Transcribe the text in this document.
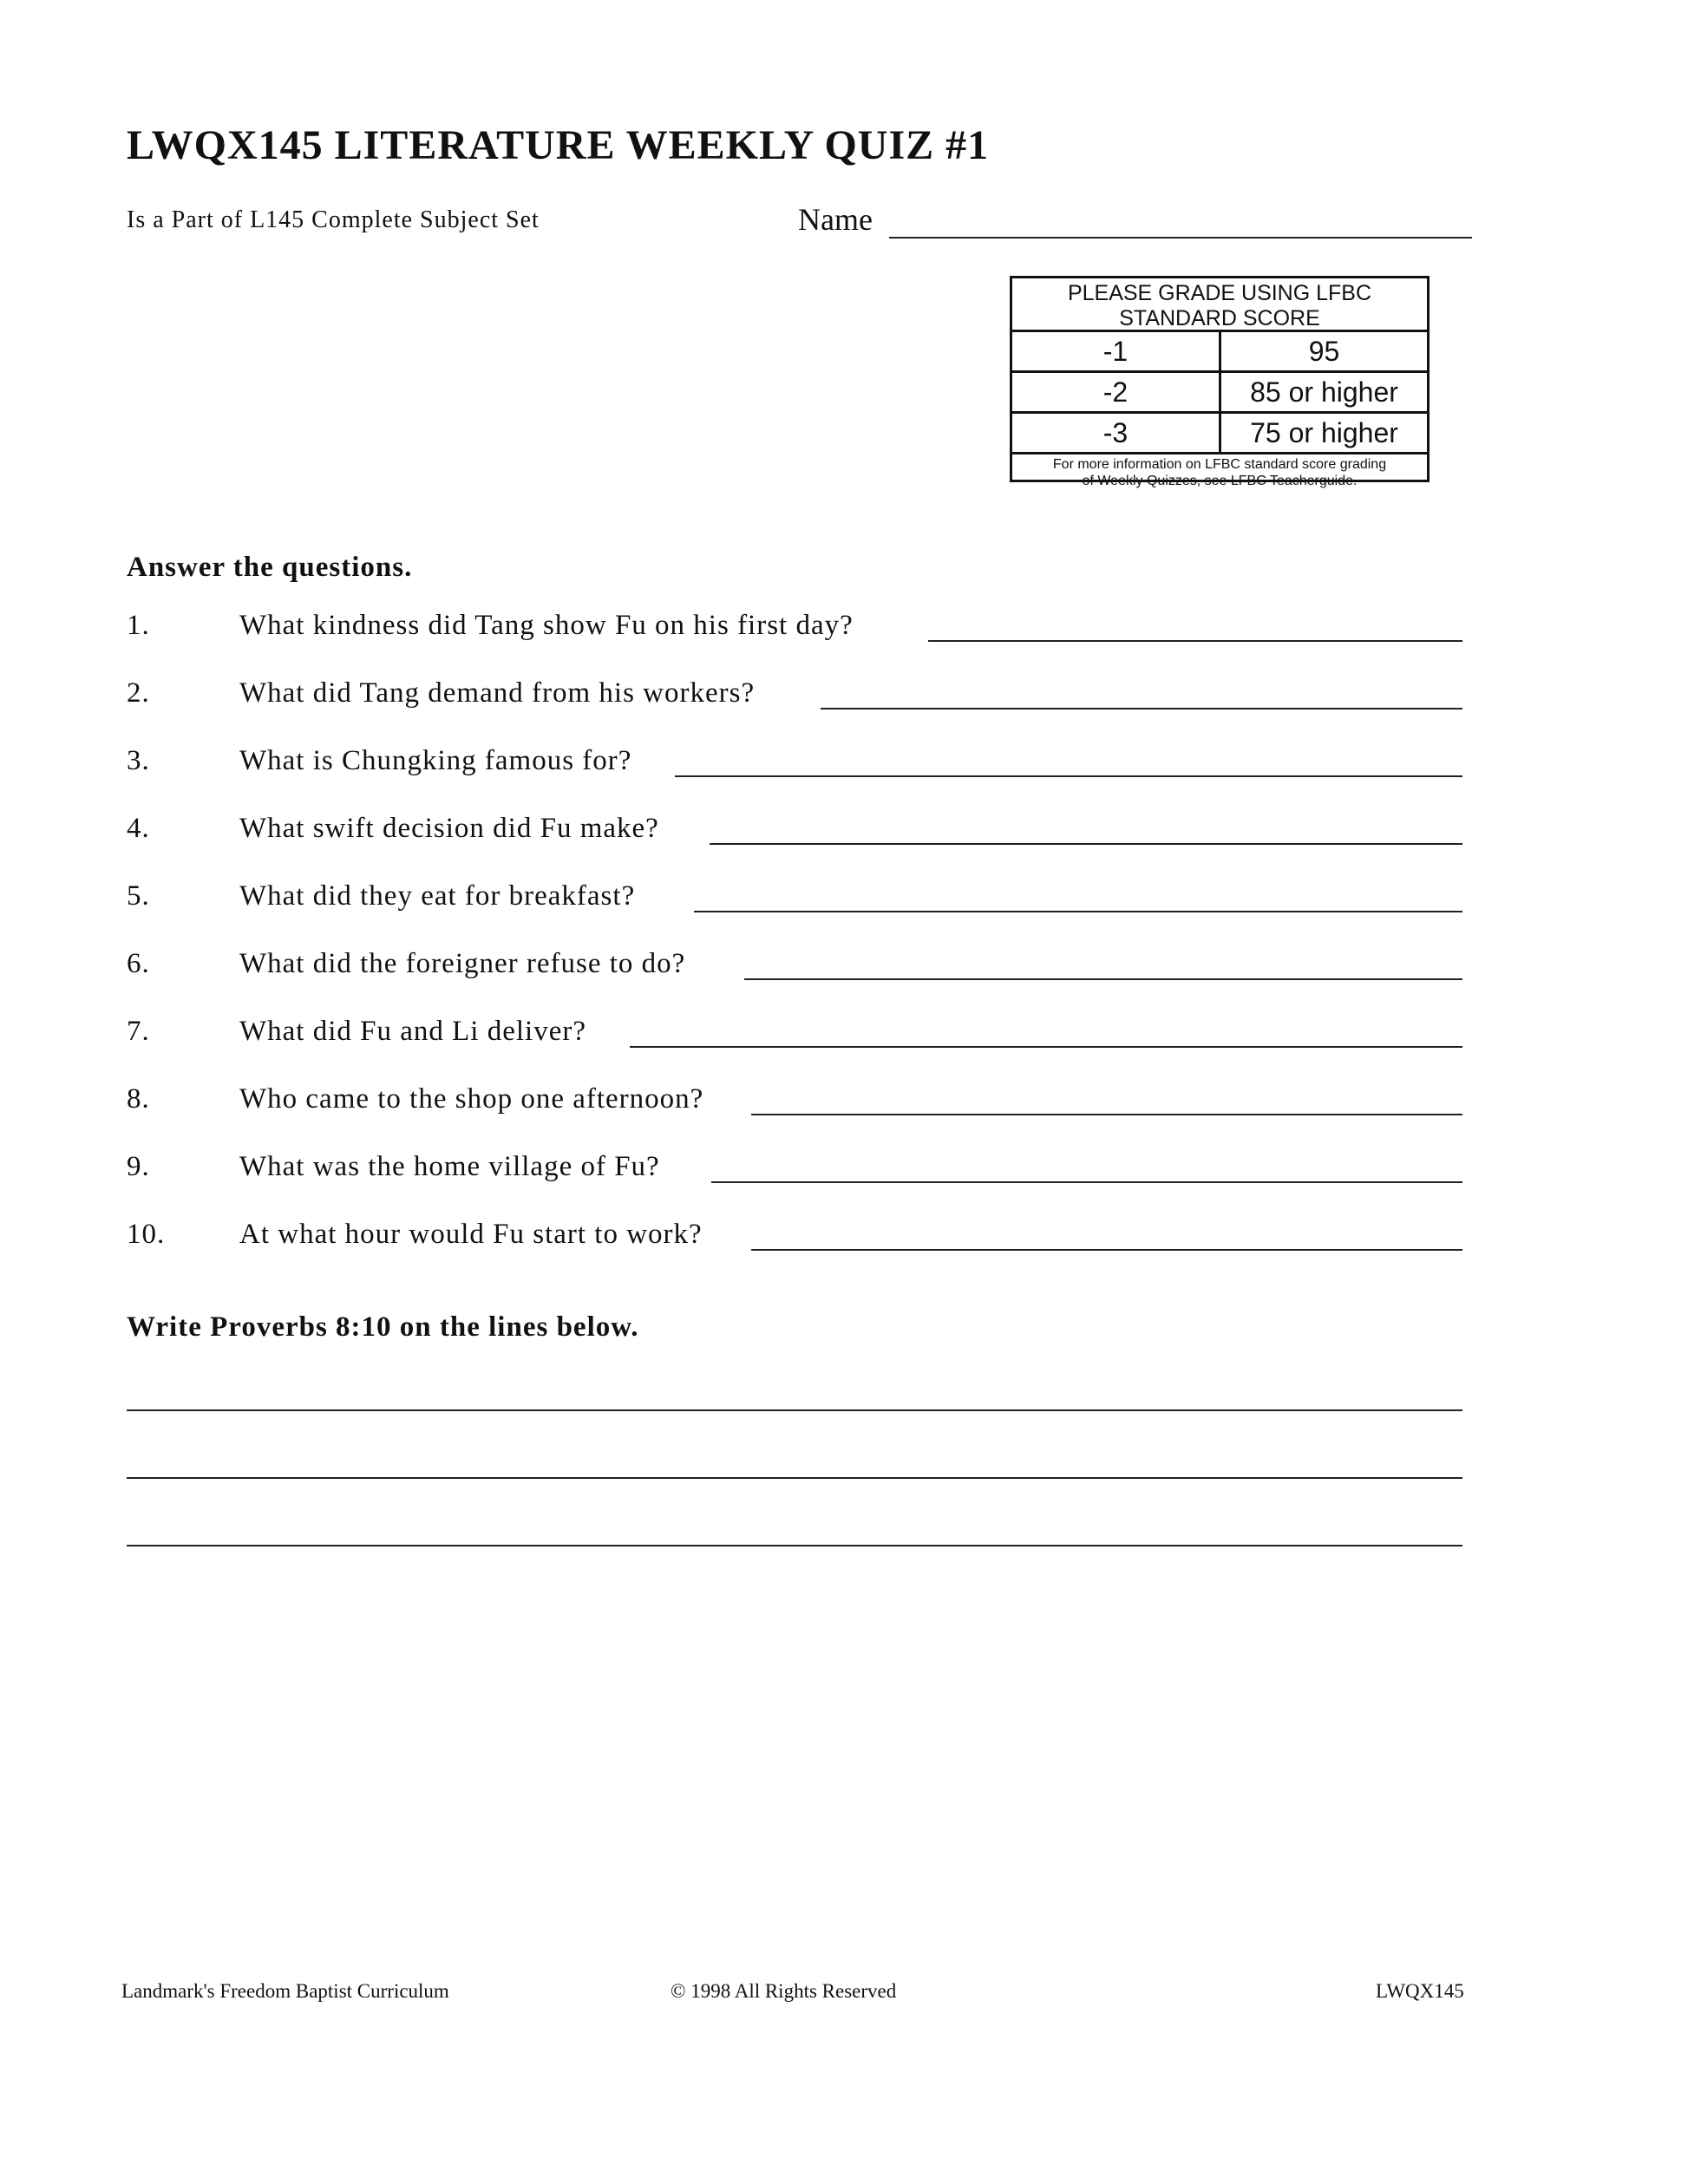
LWQX145 LITERATURE WEEKLY QUIZ #1
Is a Part of L145 Complete Subject Set	Name
PLEASE GRADE USING LFBC
STANDARD SCORE
-1	95
-2	85 or higher
-3	75 or higher
For more information on LFBC standard score grading
of Weekly Quizzes, see LFBC Teacherguide.
Answer the questions.
1.	What kindness did Tang show Fu on his first day?
2.	What did Tang demand from his workers?
3.	What is Chungking famous for?
4.	What swift decision did Fu make?
5.	What did they eat for breakfast?
6.	What did the foreigner refuse to do?
7.	What did Fu and Li deliver?
8.	Who came to the shop one afternoon?
9.	What was the home village of Fu?
10.	At what hour would Fu start to work?
Write Proverbs 8:10 on the lines below.
Landmark's Freedom Baptist Curriculum	© 1998 All Rights Reserved	LWQX145
